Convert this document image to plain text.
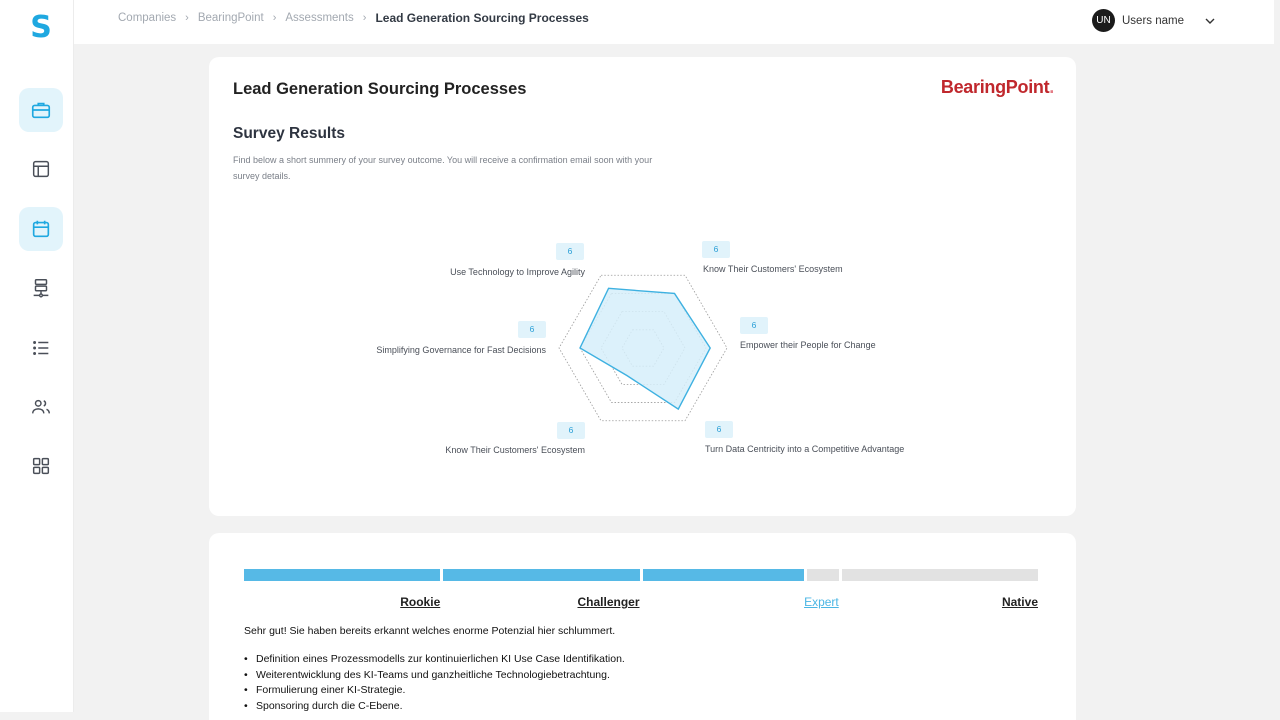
S	Companies › BearingPoint › Assessments › Lead Generation Sourcing Processes	UN Users name
Lead Generation Sourcing Processes	BearingPoint.
Survey Results
Find below a short summery of your survey outcome. You will receive a confirmation email soon with your survey details.
Use Technology to Improve Agility
6
Know Their Customers' Ecosystem
6
Empower their People for Change
6
Turn Data Centricity into a Competitive Advantage
6
Know Their Customers' Ecosystem
6
Simplifying Governance for Fast Decisions
6
Rookie	Challenger	Expert	Native
Sehr gut! Sie haben bereits erkannt welches enorme Potenzial hier schlummert.
• Definition eines Prozessmodells zur kontinuierlichen KI Use Case Identifikation.
• Weiterentwicklung des KI-Teams und ganzheitliche Technologiebetrachtung.
• Formulierung einer KI-Strategie.
• Sponsoring durch die C-Ebene.
